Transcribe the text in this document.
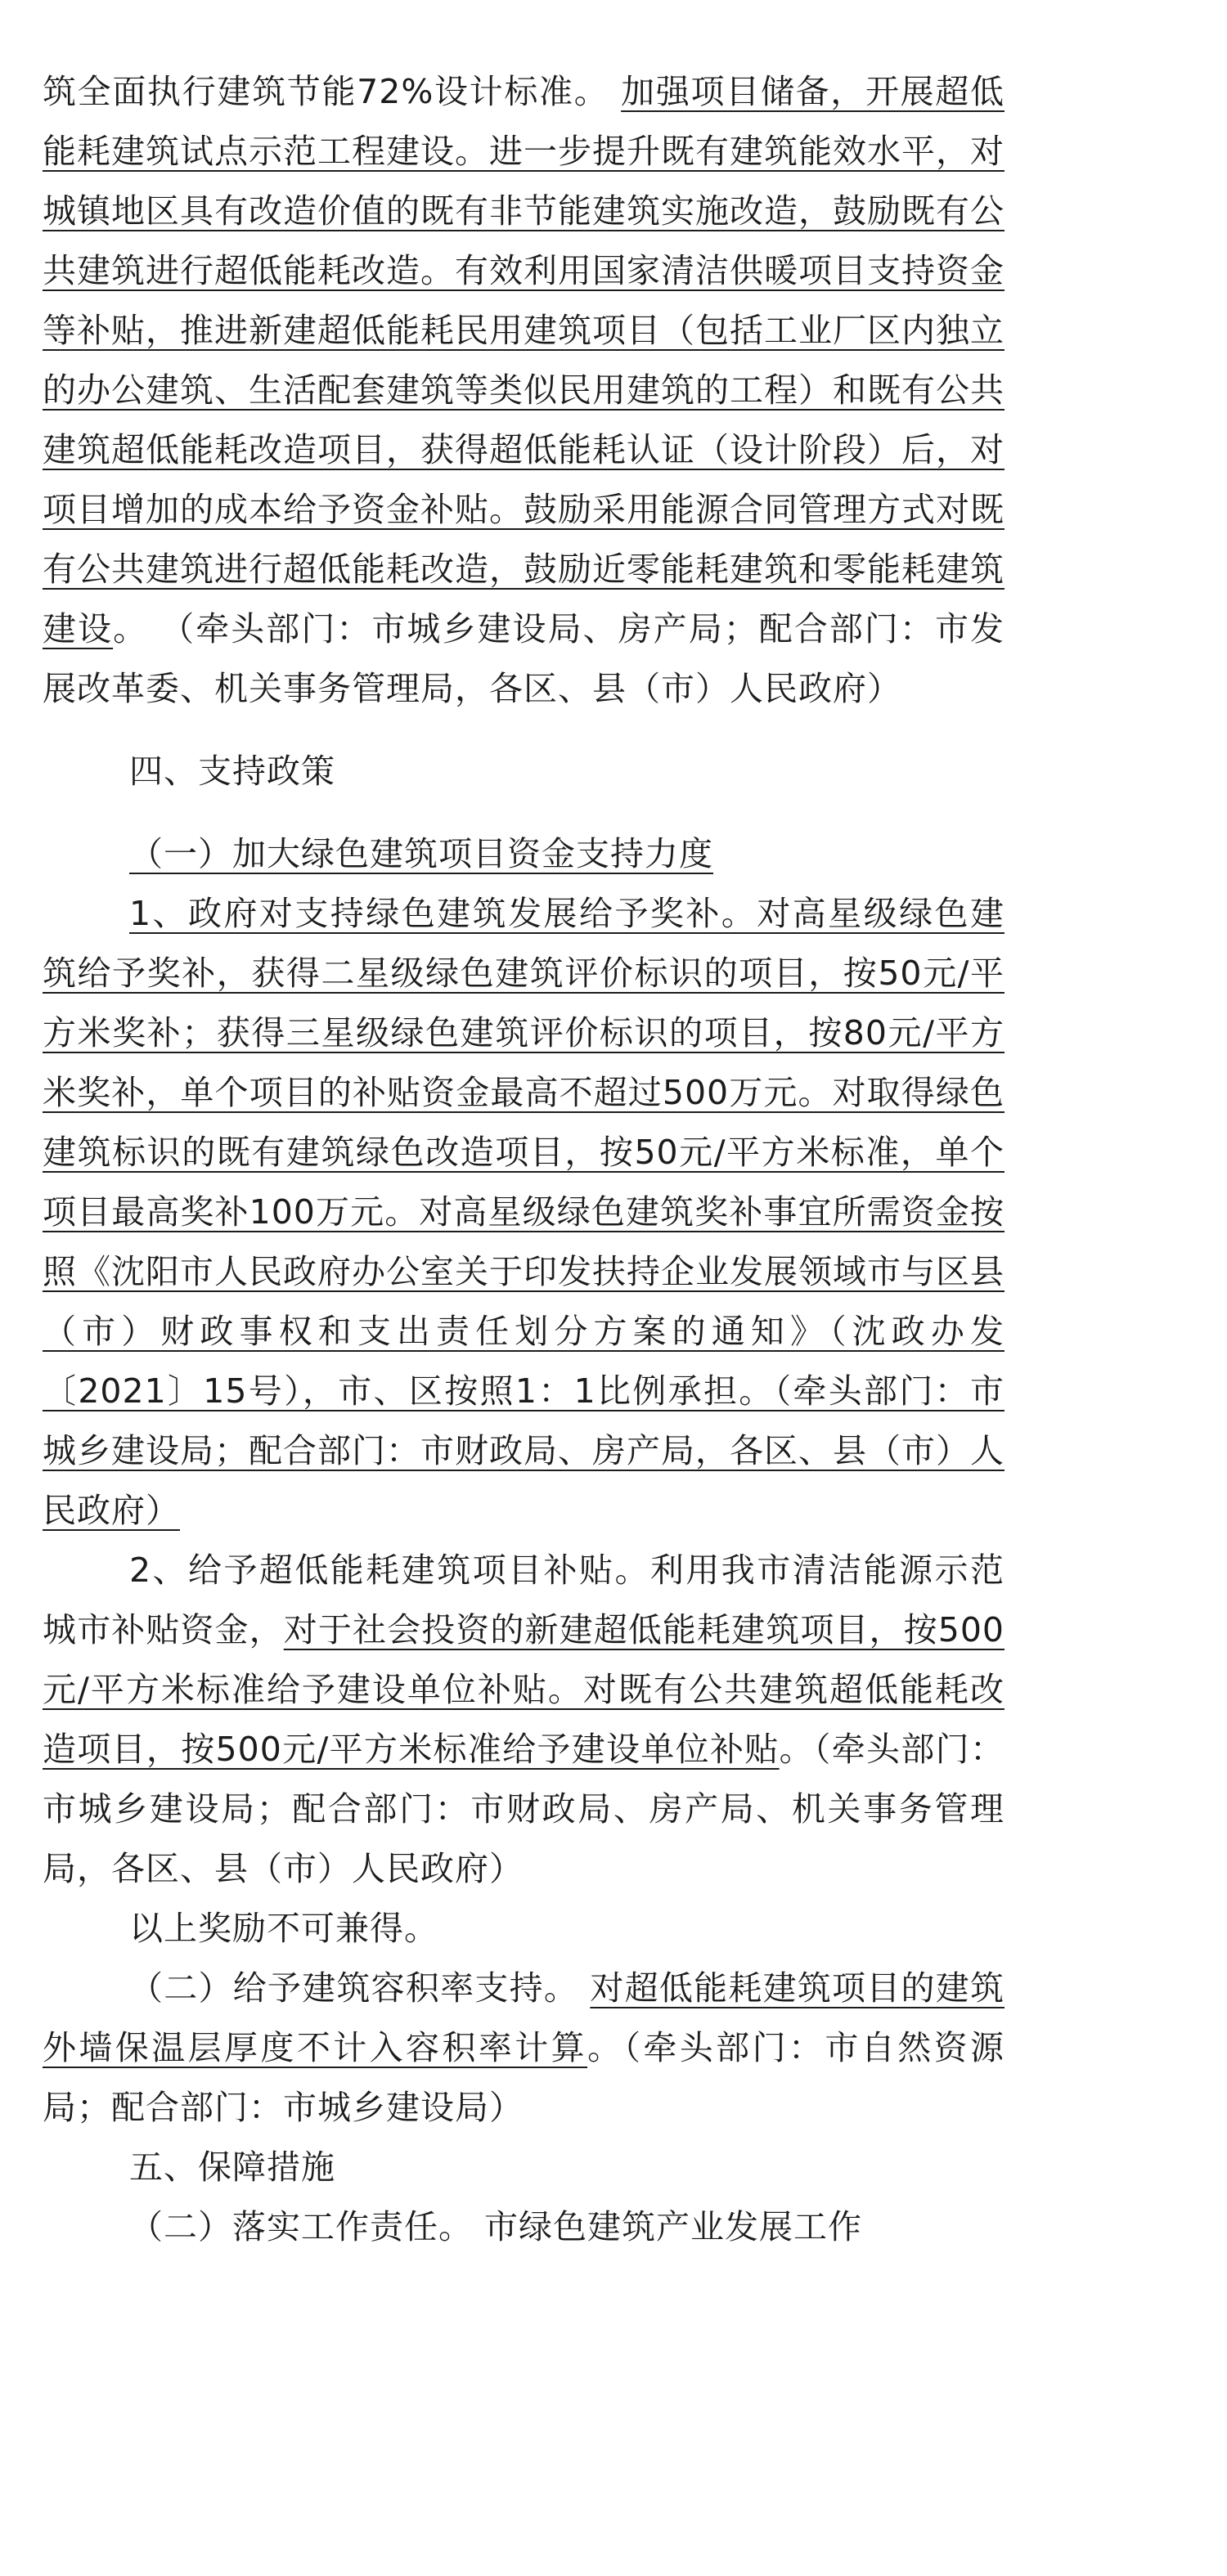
筑全面执行建筑节能72%设计标准。 加强项目储备，开展超低能耗建筑试点示范工程建设。进一步提升既有建筑能效水平，对城镇地区具有改造价值的既有非节能建筑实施改造，鼓励既有公共建筑进行超低能耗改造。有效利用国家清洁供暖项目支持资金等补贴，推进新建超低能耗民用建筑项目（包括工业厂区内独立的办公建筑、生活配套建筑等类似民用建筑的工程）和既有公共建筑超低能耗改造项目，获得超低能耗认证（设计阶段）后，对项目增加的成本给予资金补贴。鼓励采用能源合同管理方式对既有公共建筑进行超低能耗改造，鼓励近零能耗建筑和零能耗建筑建设。 （牵头部门：市城乡建设局、房产局；配合部门：市发展改革委、机关事务管理局，各区、县（市）人民政府）

四、支持政策

（一）加大绿色建筑项目资金支持力度

1、政府对支持绿色建筑发展给予奖补。对高星级绿色建筑给予奖补，获得二星级绿色建筑评价标识的项目，按50元/平方米奖补；获得三星级绿色建筑评价标识的项目，按80元/平方米奖补，单个项目的补贴资金最高不超过500万元。对取得绿色建筑标识的既有建筑绿色改造项目，按50元/平方米标准，单个项目最高奖补100万元。对高星级绿色建筑奖补事宜所需资金按照《沈阳市人民政府办公室关于印发扶持企业发展领域市与区县（市）财政事权和支出责任划分方案的通知》（沈政办发〔2021〕15号），市、区按照1：1比例承担。（牵头部门：市城乡建设局；配合部门：市财政局、房产局，各区、县（市）人民政府）

2、给予超低能耗建筑项目补贴。利用我市清洁能源示范城市补贴资金，对于社会投资的新建超低能耗建筑项目，按500元/平方米标准给予建设单位补贴。对既有公共建筑超低能耗改造项目，按500元/平方米标准给予建设单位补贴。（牵头部门：市城乡建设局；配合部门：市财政局、房产局、机关事务管理局，各区、县（市）人民政府）

以上奖励不可兼得。

（二）给予建筑容积率支持。 对超低能耗建筑项目的建筑外墙保温层厚度不计入容积率计算。（牵头部门：市自然资源局；配合部门：市城乡建设局）

五、保障措施

（二）落实工作责任。 市绿色建筑产业发展工作
